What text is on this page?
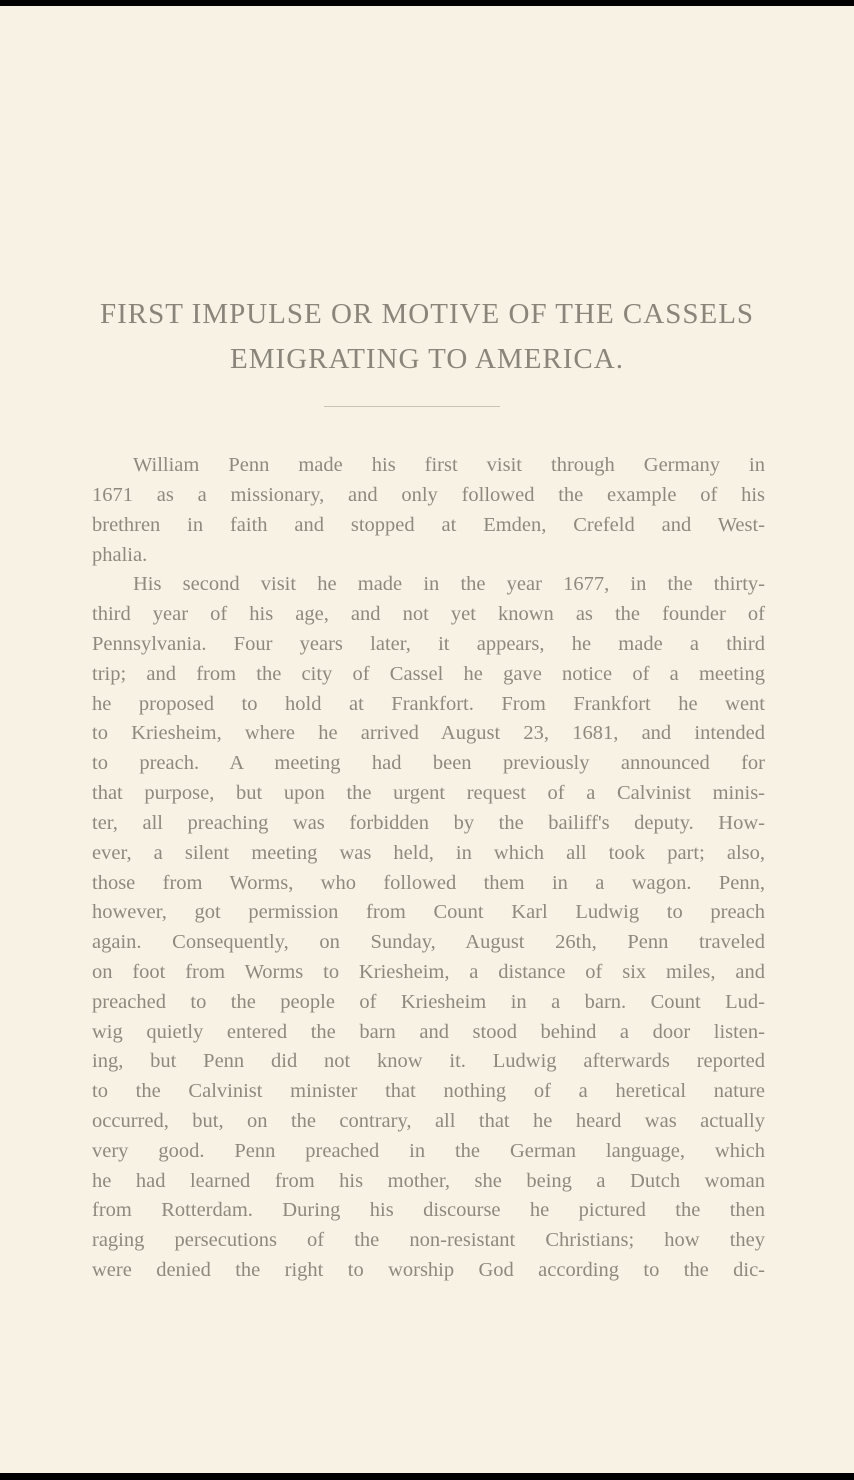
FIRST IMPULSE OR MOTIVE OF THE CASSELS
EMIGRATING TO AMERICA.
William Penn made his first visit through Germany in
1671 as a missionary, and only followed the example of his
brethren in faith and stopped at Emden, Crefeld and West-
phalia.
His second visit he made in the year 1677, in the thirty-
third year of his age, and not yet known as the founder of
Pennsylvania. Four years later, it appears, he made a third
trip; and from the city of Cassel he gave notice of a meeting
he proposed to hold at Frankfort. From Frankfort he went
to Kriesheim, where he arrived August 23, 1681, and intended
to preach. A meeting had been previously announced for
that purpose, but upon the urgent request of a Calvinist minis-
ter, all preaching was forbidden by the bailiff's deputy. How-
ever, a silent meeting was held, in which all took part; also,
those from Worms, who followed them in a wagon. Penn,
however, got permission from Count Karl Ludwig to preach
again. Consequently, on Sunday, August 26th, Penn traveled
on foot from Worms to Kriesheim, a distance of six miles, and
preached to the people of Kriesheim in a barn. Count Lud-
wig quietly entered the barn and stood behind a door listen-
ing, but Penn did not know it. Ludwig afterwards reported
to the Calvinist minister that nothing of a heretical nature
occurred, but, on the contrary, all that he heard was actually
very good. Penn preached in the German language, which
he had learned from his mother, she being a Dutch woman
from Rotterdam. During his discourse he pictured the then
raging persecutions of the non-resistant Christians; how they
were denied the right to worship God according to the dic-
